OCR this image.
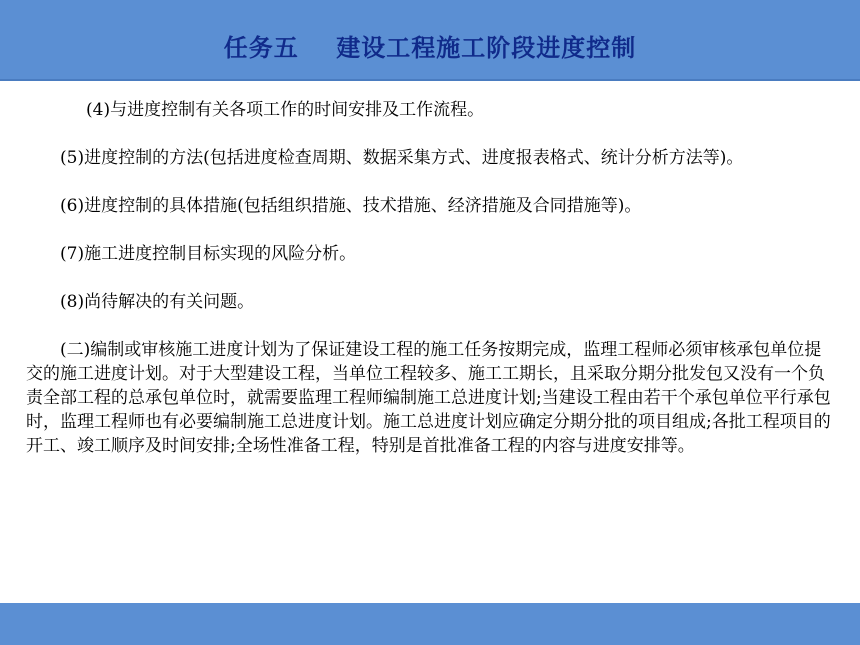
任务五    建设工程施工阶段进度控制

(4)与进度控制有关各项工作的时间安排及工作流程。

(5)进度控制的方法(包括进度检查周期、数据采集方式、进度报表格式、统计分析方法等)。

(6)进度控制的具体措施(包括组织措施、技术措施、经济措施及合同措施等)。

(7)施工进度控制目标实现的风险分析。

(8)尚待解决的有关问题。

(二)编制或审核施工进度计划为了保证建设工程的施工任务按期完成，监理工程师必须审核承包单位提交的施工进度计划。对于大型建设工程，当单位工程较多、施工工期长，且采取分期分批发包又没有一个负责全部工程的总承包单位时，就需要监理工程师编制施工总进度计划;当建设工程由若干个承包单位平行承包时，监理工程师也有必要编制施工总进度计划。施工总进度计划应确定分期分批的项目组成;各批工程项目的开工、竣工顺序及时间安排;全场性准备工程，特别是首批准备工程的内容与进度安排等。
